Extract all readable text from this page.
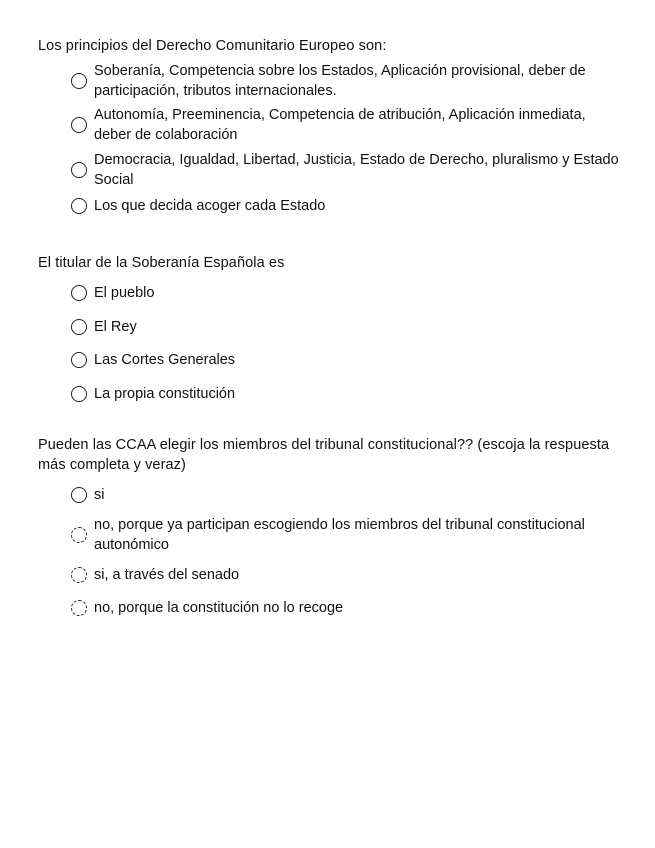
Los principios del Derecho Comunitario Europeo son:

Soberanía, Competencia sobre los Estados, Aplicación provisional, deber de participación, tributos internacionales.
Autonomía, Preeminencia, Competencia de atribución, Aplicación inmediata, deber de colaboración
Democracia, Igualdad, Libertad, Justicia, Estado de Derecho, pluralismo y Estado Social
Los que decida acoger cada Estado

El titular de la Soberanía Española es

El pueblo
El Rey
Las Cortes Generales
La propia constitución

Pueden las CCAA elegir los miembros del tribunal constitucional?? (escoja la respuesta más completa y veraz)

si
no, porque ya participan escogiendo los miembros del tribunal constitucional autonómico
si, a través del senado
no, porque la constitución no lo recoge
